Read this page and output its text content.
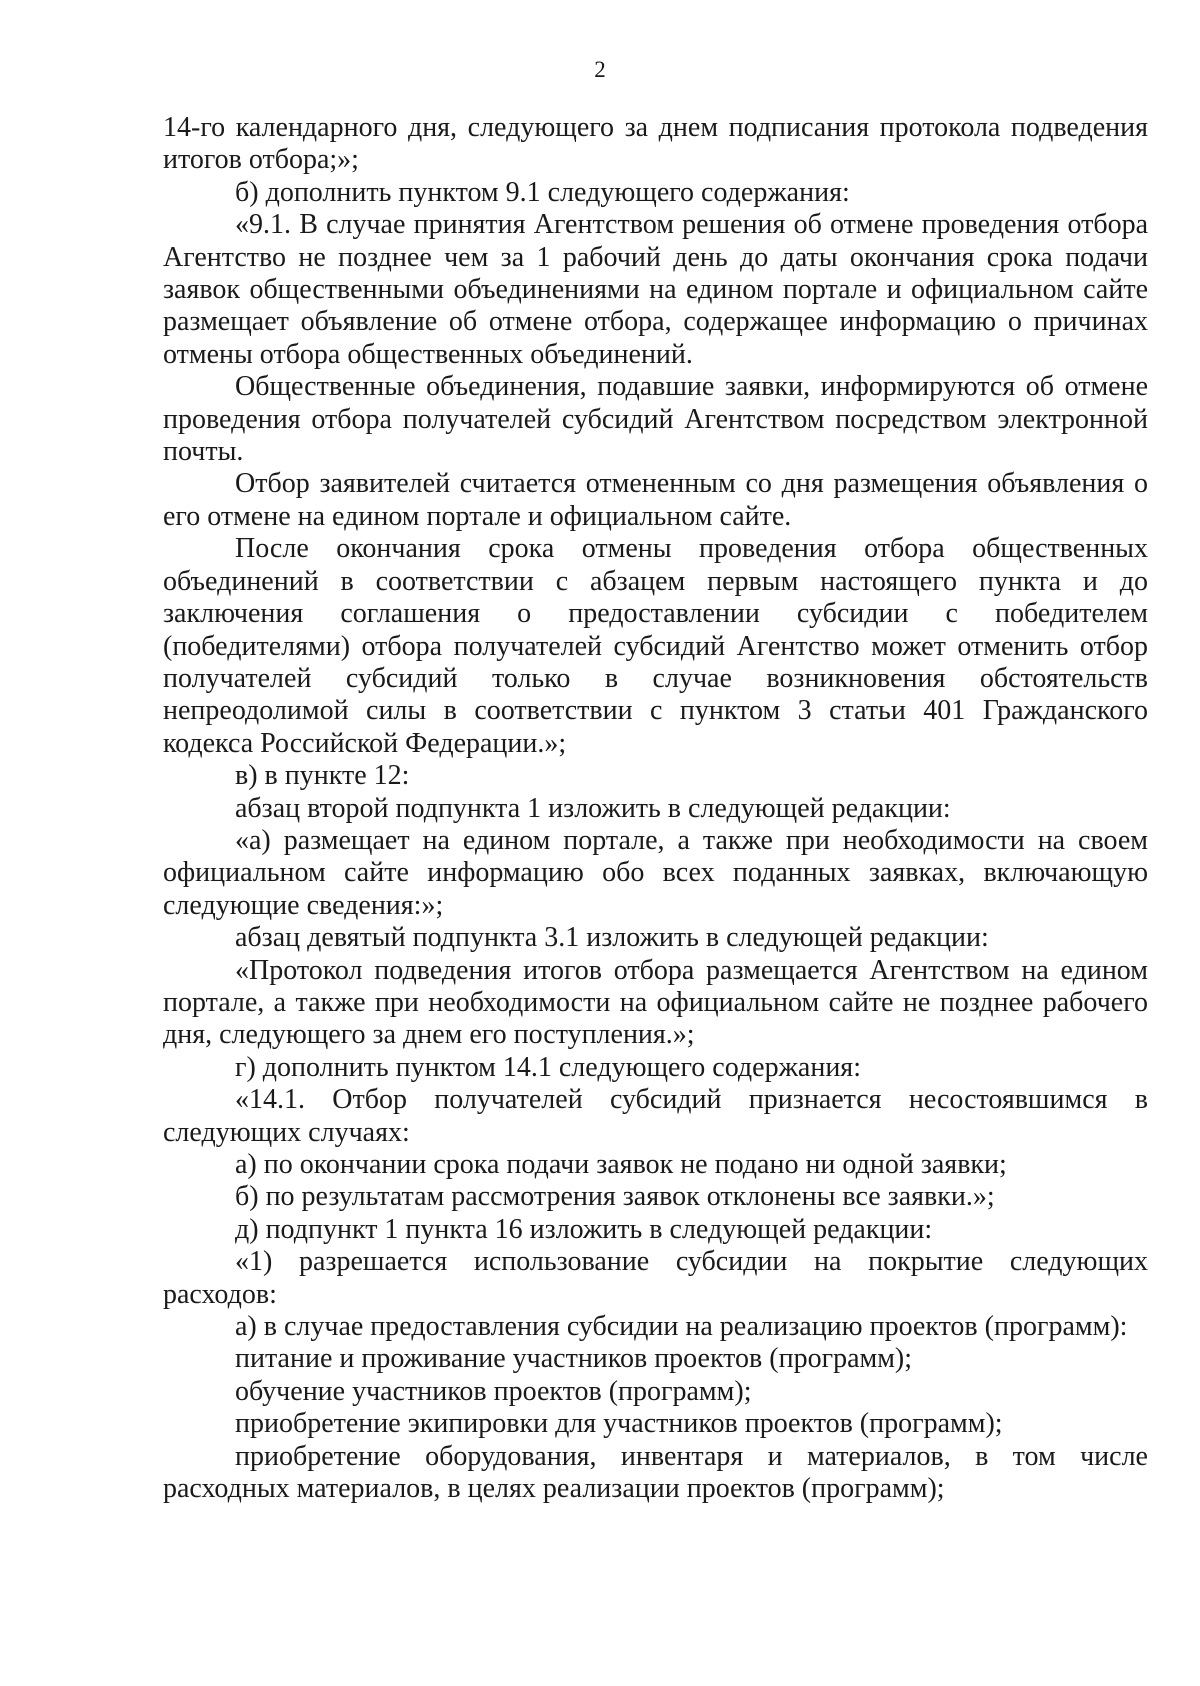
2

14-го календарного дня, следующего за днем подписания протокола подведения итогов отбора;»;

б) дополнить пунктом 9.1 следующего содержания:

«9.1. В случае принятия Агентством решения об отмене проведения отбора Агентство не позднее чем за 1 рабочий день до даты окончания срока подачи заявок общественными объединениями на едином портале и официальном сайте размещает объявление об отмене отбора, содержащее информацию о причинах отмены отбора общественных объединений.

Общественные объединения, подавшие заявки, информируются об отмене проведения отбора получателей субсидий Агентством посредством электронной почты.

Отбор заявителей считается отмененным со дня размещения объявления о его отмене на едином портале и официальном сайте.

После окончания срока отмены проведения отбора общественных объединений в соответствии с абзацем первым настоящего пункта и до заключения соглашения о предоставлении субсидии с победителем (победителями) отбора получателей субсидий Агентство может отменить отбор получателей субсидий только в случае возникновения обстоятельств непреодолимой силы в соответствии с пунктом 3 статьи 401 Гражданского кодекса Российской Федерации.»;

в) в пункте 12:

абзац второй подпункта 1 изложить в следующей редакции:

«а) размещает на едином портале, а также при необходимости на своем официальном сайте информацию обо всех поданных заявках, включающую следующие сведения:»;

абзац девятый подпункта 3.1 изложить в следующей редакции:

«Протокол подведения итогов отбора размещается Агентством на едином портале, а также при необходимости на официальном сайте не позднее рабочего дня, следующего за днем его поступления.»;

г) дополнить пунктом 14.1 следующего содержания:

«14.1. Отбор получателей субсидий признается несостоявшимся в следующих случаях:

а) по окончании срока подачи заявок не подано ни одной заявки;

б) по результатам рассмотрения заявок отклонены все заявки.»;

д) подпункт 1 пункта 16 изложить в следующей редакции:

«1) разрешается использование субсидии на покрытие следующих расходов:

а) в случае предоставления субсидии на реализацию проектов (программ):

питание и проживание участников проектов (программ);

обучение участников проектов (программ);

приобретение экипировки для участников проектов (программ);

приобретение оборудования, инвентаря и материалов, в том числе расходных материалов, в целях реализации проектов (программ);
